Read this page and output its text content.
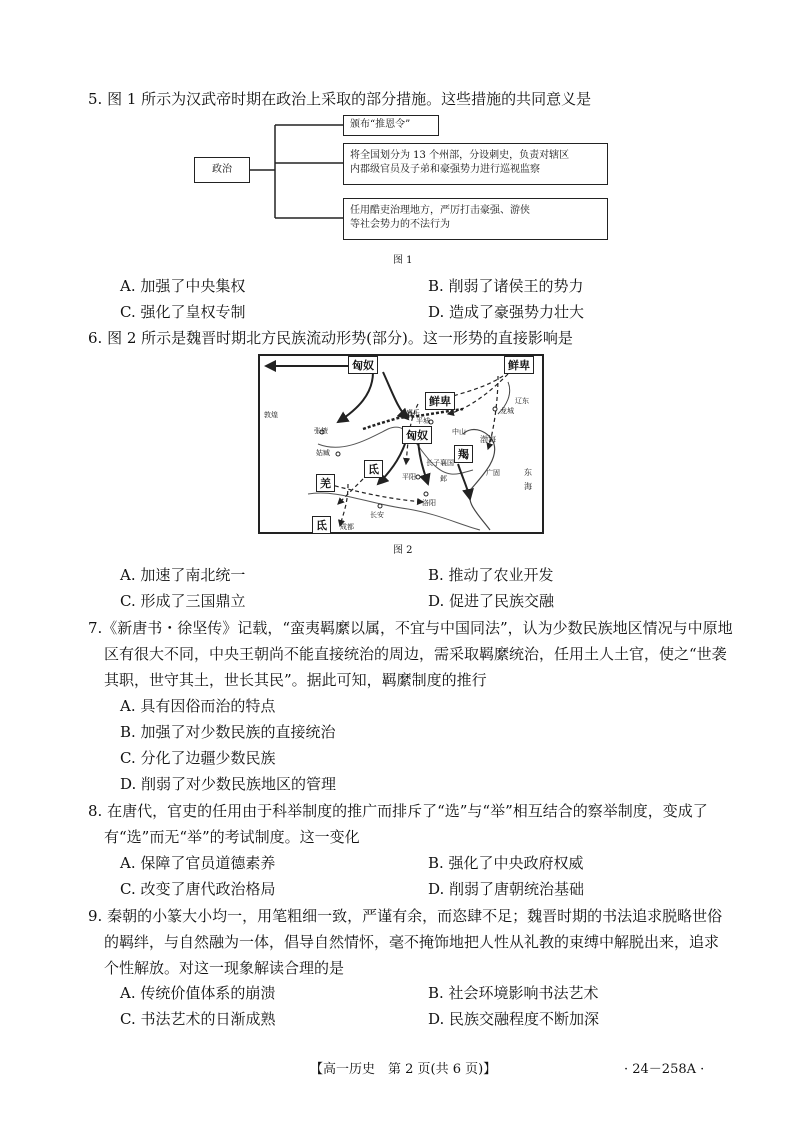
5. 图 1 所示为汉武帝时期在政治上采取的部分措施。这些措施的共同意义是
政治
颁布“推恩令”
将全国划分为 13 个州部，分设刺史，负责对辖区
内郡级官员及子弟和豪强势力进行巡视监察
任用酷吏治理地方，严厉打击豪强、游侠
等社会势力的不法行为
图 1
A. 加强了中央集权	B. 削弱了诸侯王的势力
C. 强化了皇权专制	D. 造成了豪强势力壮大
6. 图 2 所示是魏晋时期北方民族流动形势(部分)。这一形势的直接影响是
匈奴	鲜卑
鲜卑
匈奴
羯
氐
羌
氐
敦煌
张掖
姑臧
盛乐
平城
中山
辽东
龙城
渤海
东海
长子 襄国
广固
平阳
洛阳
长安
成都
邺
图 2
A. 加速了南北统一	B. 推动了农业开发
C. 形成了三国鼎立	D. 促进了民族交融
7.《新唐书・徐坚传》记载，“蛮夷羁縻以属，不宜与中国同法”，认为少数民族地区情况与中原地
区有很大不同，中央王朝尚不能直接统治的周边，需采取羁縻统治，任用土人土官，使之“世袭
其职，世守其土，世长其民”。据此可知，羁縻制度的推行
A. 具有因俗而治的特点
B. 加强了对少数民族的直接统治
C. 分化了边疆少数民族
D. 削弱了对少数民族地区的管理
8. 在唐代，官吏的任用由于科举制度的推广而排斥了“选”与“举”相互结合的察举制度，变成了
有“选”而无“举”的考试制度。这一变化
A. 保障了官员道德素养	B. 强化了中央政府权威
C. 改变了唐代政治格局	D. 削弱了唐朝统治基础
9. 秦朝的小篆大小均一，用笔粗细一致，严谨有余，而恣肆不足；魏晋时期的书法追求脱略世俗
的羁绊，与自然融为一体，倡导自然情怀，毫不掩饰地把人性从礼教的束缚中解脱出来，追求
个性解放。对这一现象解读合理的是
A. 传统价值体系的崩溃	B. 社会环境影响书法艺术
C. 书法艺术的日渐成熟	D. 民族交融程度不断加深
【高一历史　第 2 页(共 6 页)】	· 24－258A ·
